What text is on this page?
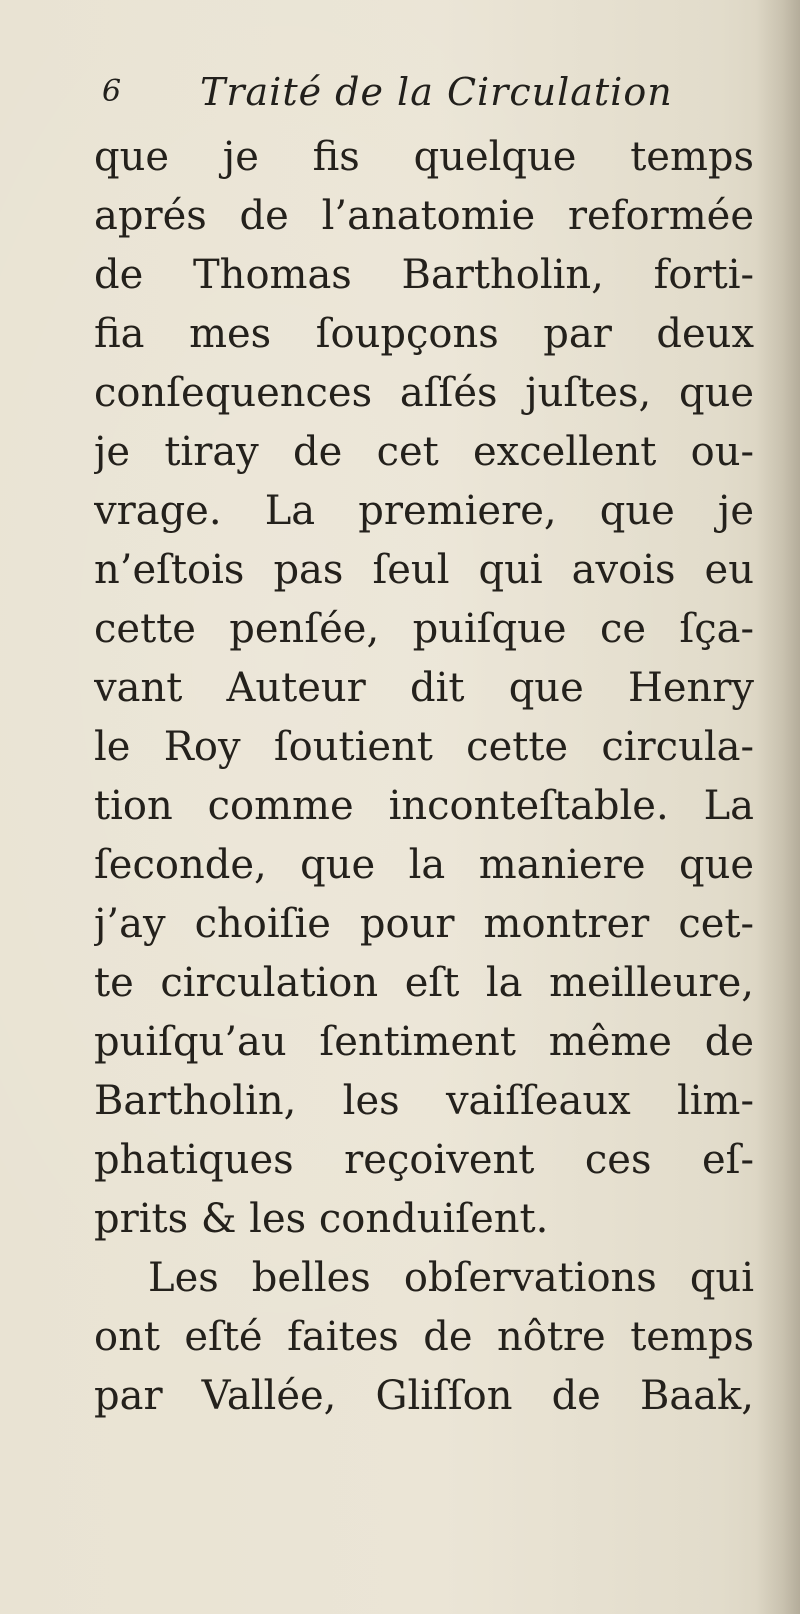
6 Traité de la Circulation
que je fis quelque temps
aprés de l’anatomie reformée
de Thomas Bartholin, forti-
fia mes ſoupçons par deux
conſequences aſſés juſtes, que
je tiray de cet excellent ou-
vrage. La premiere, que je
n’eſtois pas ſeul qui avois eu
cette penſée, puiſque ce ſça-
vant Auteur dit que Henry
le Roy ſoutient cette circula-
tion comme inconteſtable. La
ſeconde, que la maniere que
j’ay choiſie pour montrer cet-
te circulation eſt la meilleure,
puiſqu’au ſentiment même de
Bartholin, les vaiſſeaux lim-
phatiques reçoivent ces eſ-
prits & les conduiſent.
Les belles obſervations qui
ont eſté faites de nôtre temps
par Vallée, Gliſſon de Baak,
